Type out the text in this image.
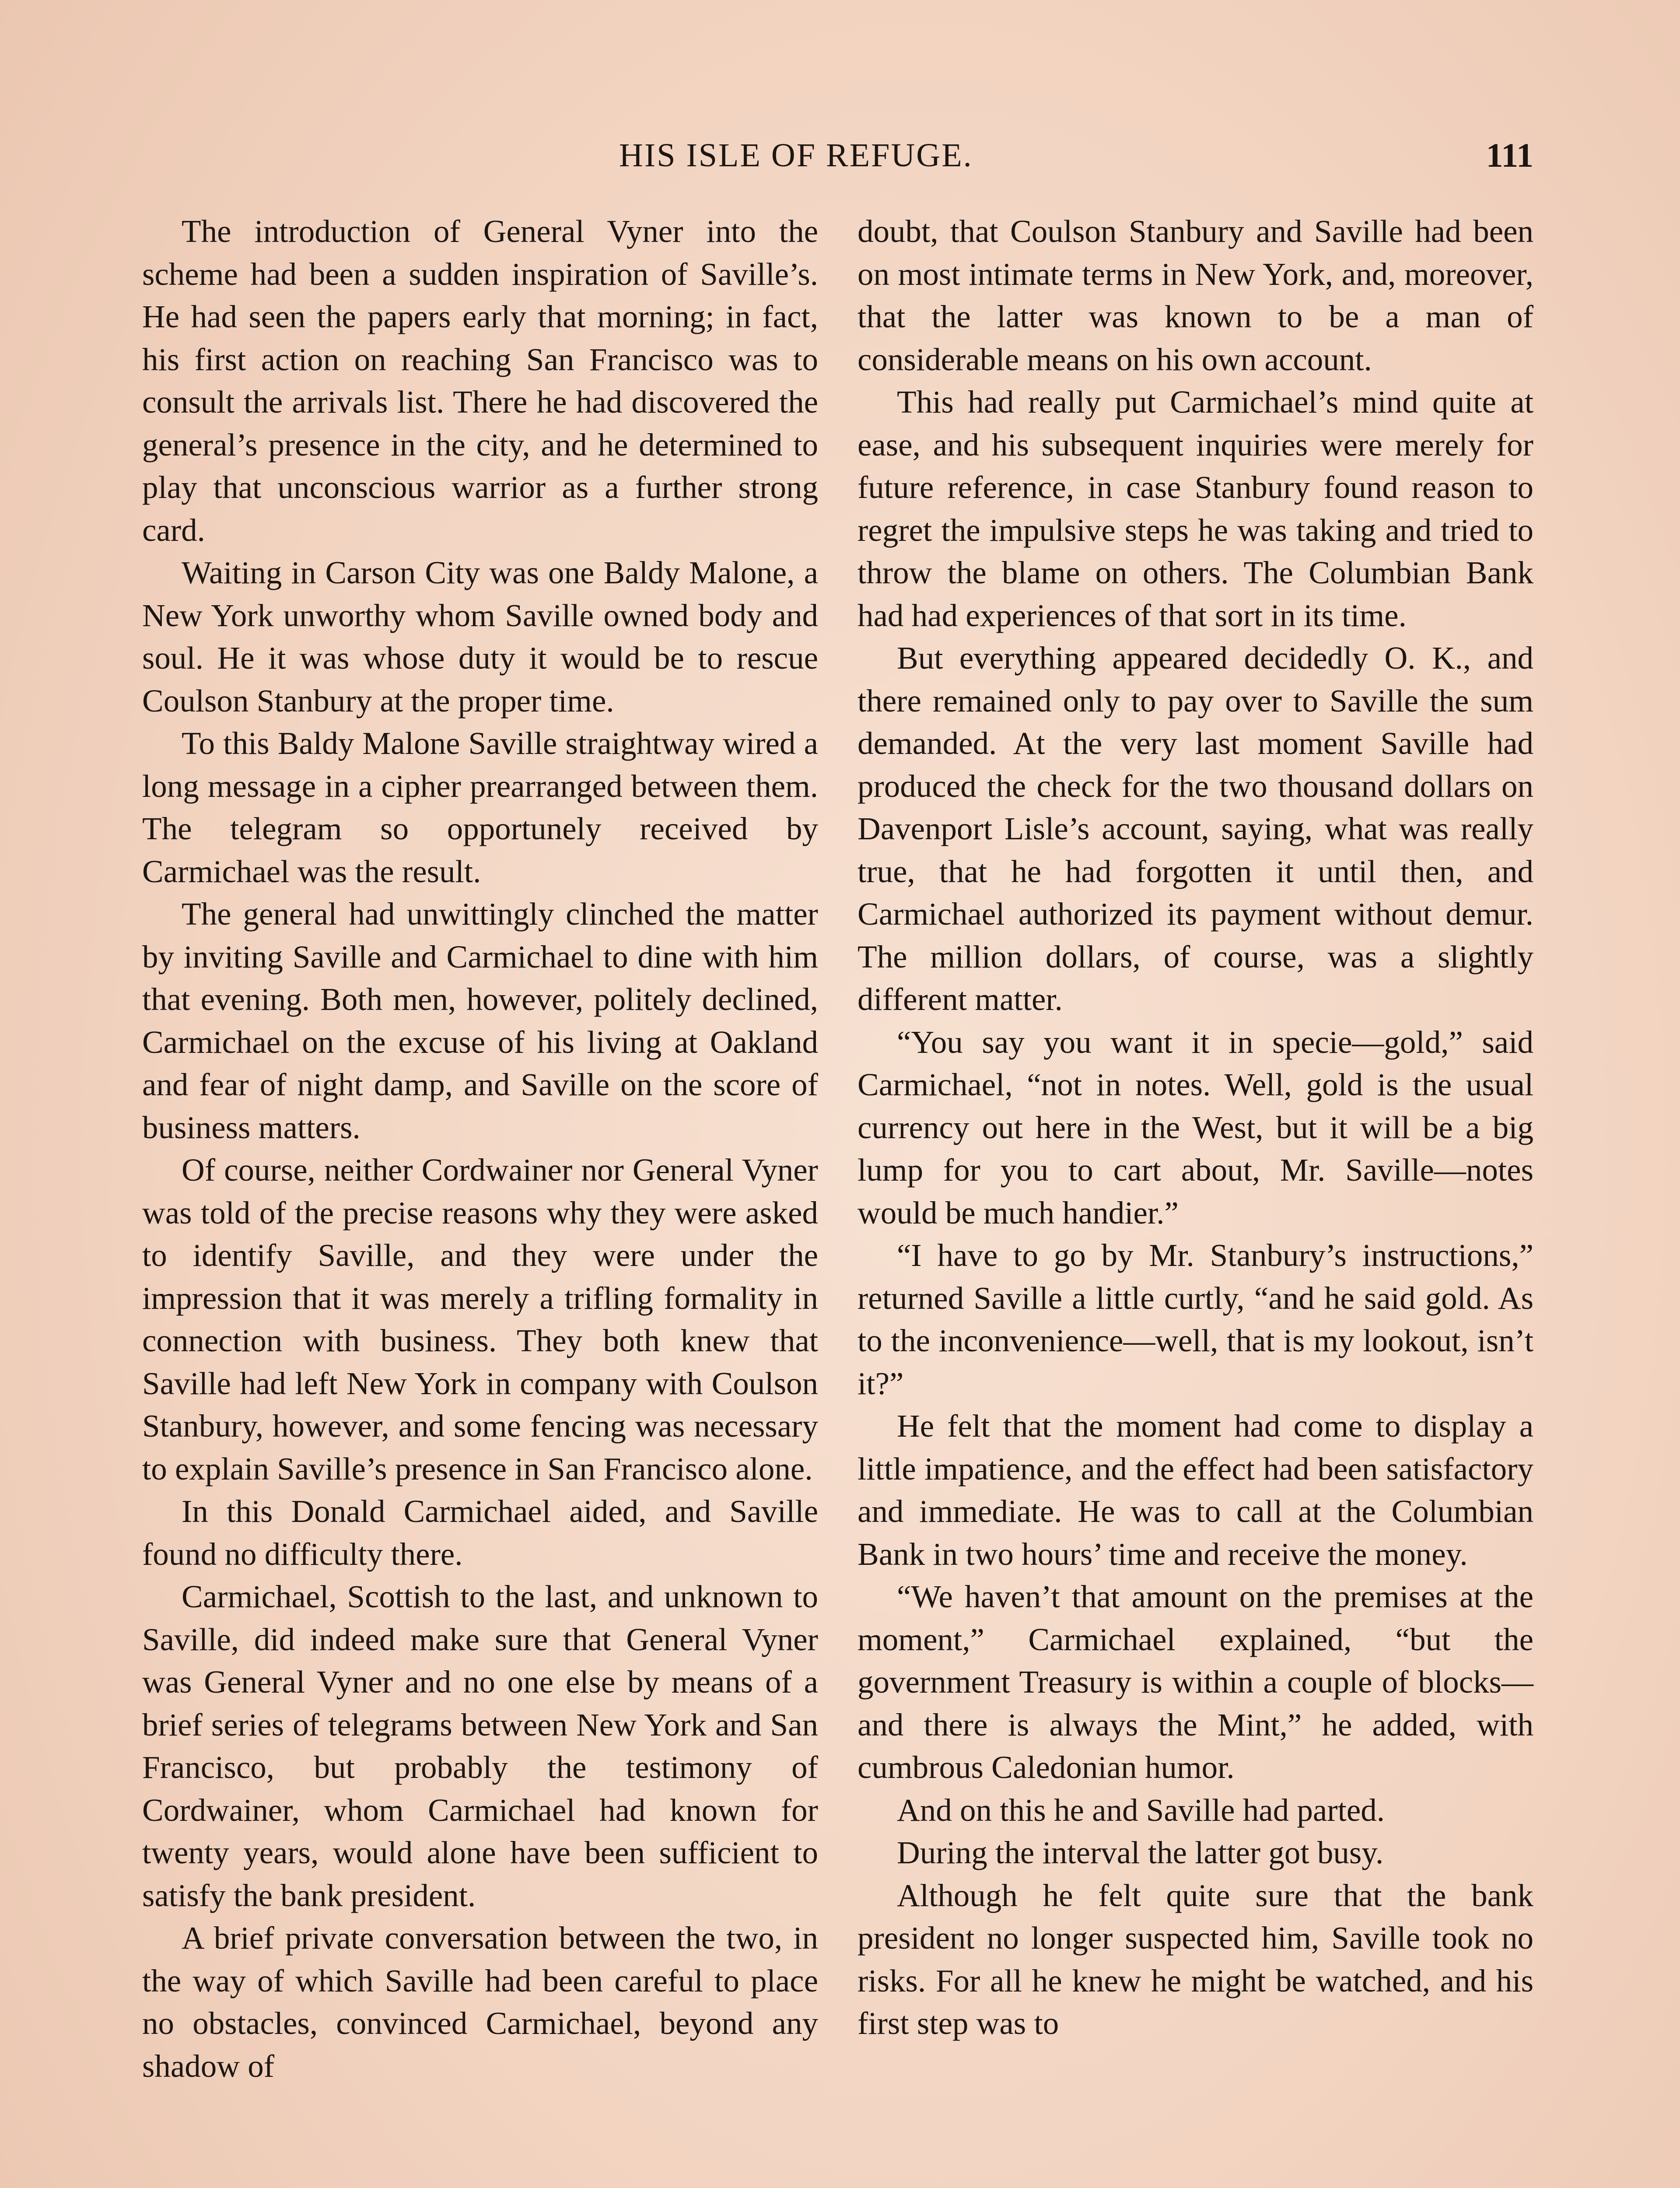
HIS ISLE OF REFUGE.	111

The introduction of General Vyner into the scheme had been a sudden inspiration of Saville’s. He had seen the papers early that morning; in fact, his first action on reaching San Francisco was to consult the arrivals list. There he had discovered the general’s presence in the city, and he determined to play that unconscious warrior as a further strong card.

Waiting in Carson City was one Baldy Malone, a New York unworthy whom Saville owned body and soul. He it was whose duty it would be to rescue Coulson Stanbury at the proper time.

To this Baldy Malone Saville straightway wired a long message in a cipher prearranged between them. The telegram so opportunely received by Carmichael was the result.

The general had unwittingly clinched the matter by inviting Saville and Carmichael to dine with him that evening. Both men, however, politely declined, Carmichael on the excuse of his living at Oakland and fear of night damp, and Saville on the score of business matters.

Of course, neither Cordwainer nor General Vyner was told of the precise reasons why they were asked to identify Saville, and they were under the impression that it was merely a trifling formality in connection with business. They both knew that Saville had left New York in company with Coulson Stanbury, however, and some fencing was necessary to explain Saville’s presence in San Francisco alone.

In this Donald Carmichael aided, and Saville found no difficulty there.

Carmichael, Scottish to the last, and unknown to Saville, did indeed make sure that General Vyner was General Vyner and no one else by means of a brief series of telegrams between New York and San Francisco, but probably the testimony of Cordwainer, whom Carmichael had known for twenty years, would alone have been sufficient to satisfy the bank president.

A brief private conversation between the two, in the way of which Saville had been careful to place no obstacles, convinced Carmichael, beyond any shadow of

doubt, that Coulson Stanbury and Saville had been on most intimate terms in New York, and, moreover, that the latter was known to be a man of considerable means on his own account.

This had really put Carmichael’s mind quite at ease, and his subsequent inquiries were merely for future reference, in case Stanbury found reason to regret the impulsive steps he was taking and tried to throw the blame on others. The Columbian Bank had had experiences of that sort in its time.

But everything appeared decidedly O. K., and there remained only to pay over to Saville the sum demanded. At the very last moment Saville had produced the check for the two thousand dollars on Davenport Lisle’s account, saying, what was really true, that he had forgotten it until then, and Carmichael authorized its payment without demur. The million dollars, of course, was a slightly different matter.

“You say you want it in specie—gold,” said Carmichael, “not in notes. Well, gold is the usual currency out here in the West, but it will be a big lump for you to cart about, Mr. Saville—notes would be much handier.”

“I have to go by Mr. Stanbury’s instructions,” returned Saville a little curtly, “and he said gold. As to the inconvenience—well, that is my lookout, isn’t it?”

He felt that the moment had come to display a little impatience, and the effect had been satisfactory and immediate. He was to call at the Columbian Bank in two hours’ time and receive the money.

“We haven’t that amount on the premises at the moment,” Carmichael explained, “but the government Treasury is within a couple of blocks—and there is always the Mint,” he added, with cumbrous Caledonian humor.

And on this he and Saville had parted.

During the interval the latter got busy.

Although he felt quite sure that the bank president no longer suspected him, Saville took no risks. For all he knew he might be watched, and his first step was to
